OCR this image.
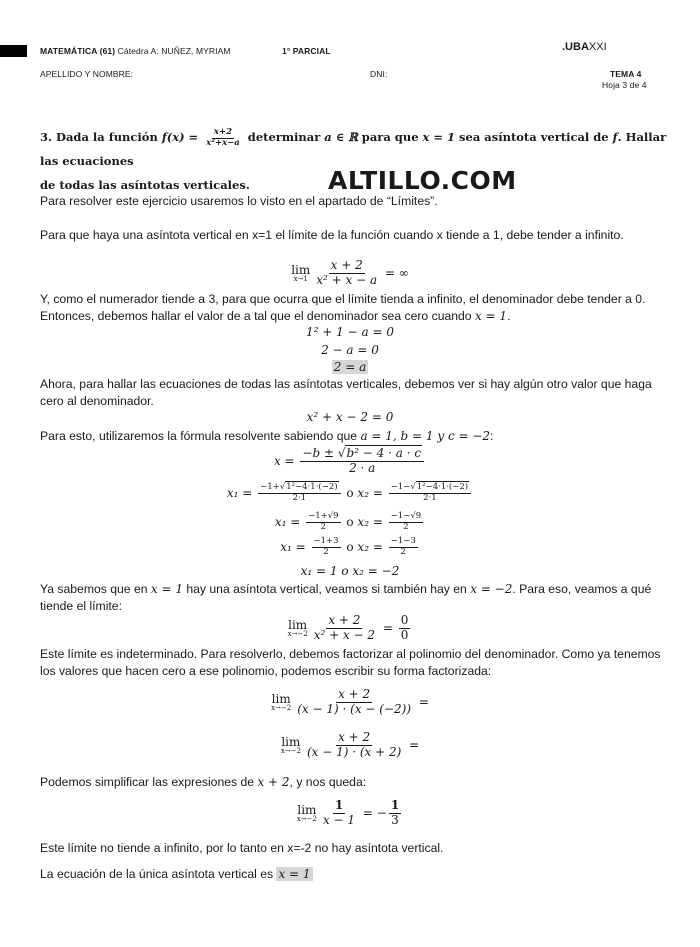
MATEMÁTICA (61) Cátedra A: NUÑEZ, MYRIAM	1° PARCIAL	.UBAXXI
APELLIDO Y NOMBRE:	DNI:	TEMA 4
Hoja 3 de 4
3. Dada la función $f(x) = \frac{x+2}{\text{x²+x−a}}$ determinar a ∈ ℝ para que x = 1 sea asíntota vertical de f. Hallar las ecuaciones
de todas las asíntotas verticales.	ALTILLO.COM
Para resolver este ejercicio usaremos lo visto en el apartado de “Límites”.
Para que haya una asíntota vertical en x=1 el límite de la función cuando x tiende a 1, debe tender a infinito.
lim
$x\to 1 \frac{x + 2}{\text{x² + x − a}}$ = ∞
Y, como el numerador tiende a 3, para que ocurra que el límite tienda a infinito, el denominador debe tender a 0.
Entonces, debemos hallar el valor de a tal que el denominador sea cero cuando x = 1.
1² + 1 − a = 0
2 − a = 0
2 = a
Ahora, para hallar las ecuaciones de todas las asíntotas verticales, debemos ver si hay algún otro valor que haga
cero al denominador.
x² + x − 2 = 0
Para esto, utilizaremos la fórmula resolvente sabiendo que a = 1, b = 1 y c = −2:
$x = \frac{\text{−b ± √b² − 4 · a · c}}{2 \cdot a}$
$x_1 = \frac{\text{−1+√1²−4·1·(−2)}}{2\cdot 1}$ o $x_2 = \frac{\text{−1−√1²−4·1·(−2)}}{2\cdot 1}$
$x_1 = \frac{-1+√9}{2}$ o $x_2 = \frac{-1-√9}{2}$
$x_1 = \frac{-1+3}{2}$ o $x_2 = \frac{-1-3}{2}$
x₁ = 1 o x₂ = −2
Ya sabemos que en x = 1 hay una asíntota vertical, veamos si también hay en x = −2. Para eso, veamos a qué
tiende el límite:
lim
$x\to-2 \frac{x + 2}{\text{x² + x − 2}} = \frac{0}{0}$
Este límite es indeterminado. Para resolverlo, debemos factorizar al polinomio del denominador. Como ya tenemos
los valores que hacen cero a ese polinomio, podemos escribir su forma factorizada:
lim
$x\to-2 \frac{x + 2}{(x - 1) \cdot (x - (-2))}$ =
lim
$x\to-2 \frac{x + 2}{(x - 1) \cdot (x + 2)}$ =
Podemos simplificar las expresiones de x + 2, y nos queda:
lim
$x\to-2 \frac{1}{x - 1}$ = − $\frac{1}{3}$
Este límite no tiende a infinito, por lo tanto en x=-2 no hay asíntota vertical.
La ecuación de la única asíntota vertical es x = 1
